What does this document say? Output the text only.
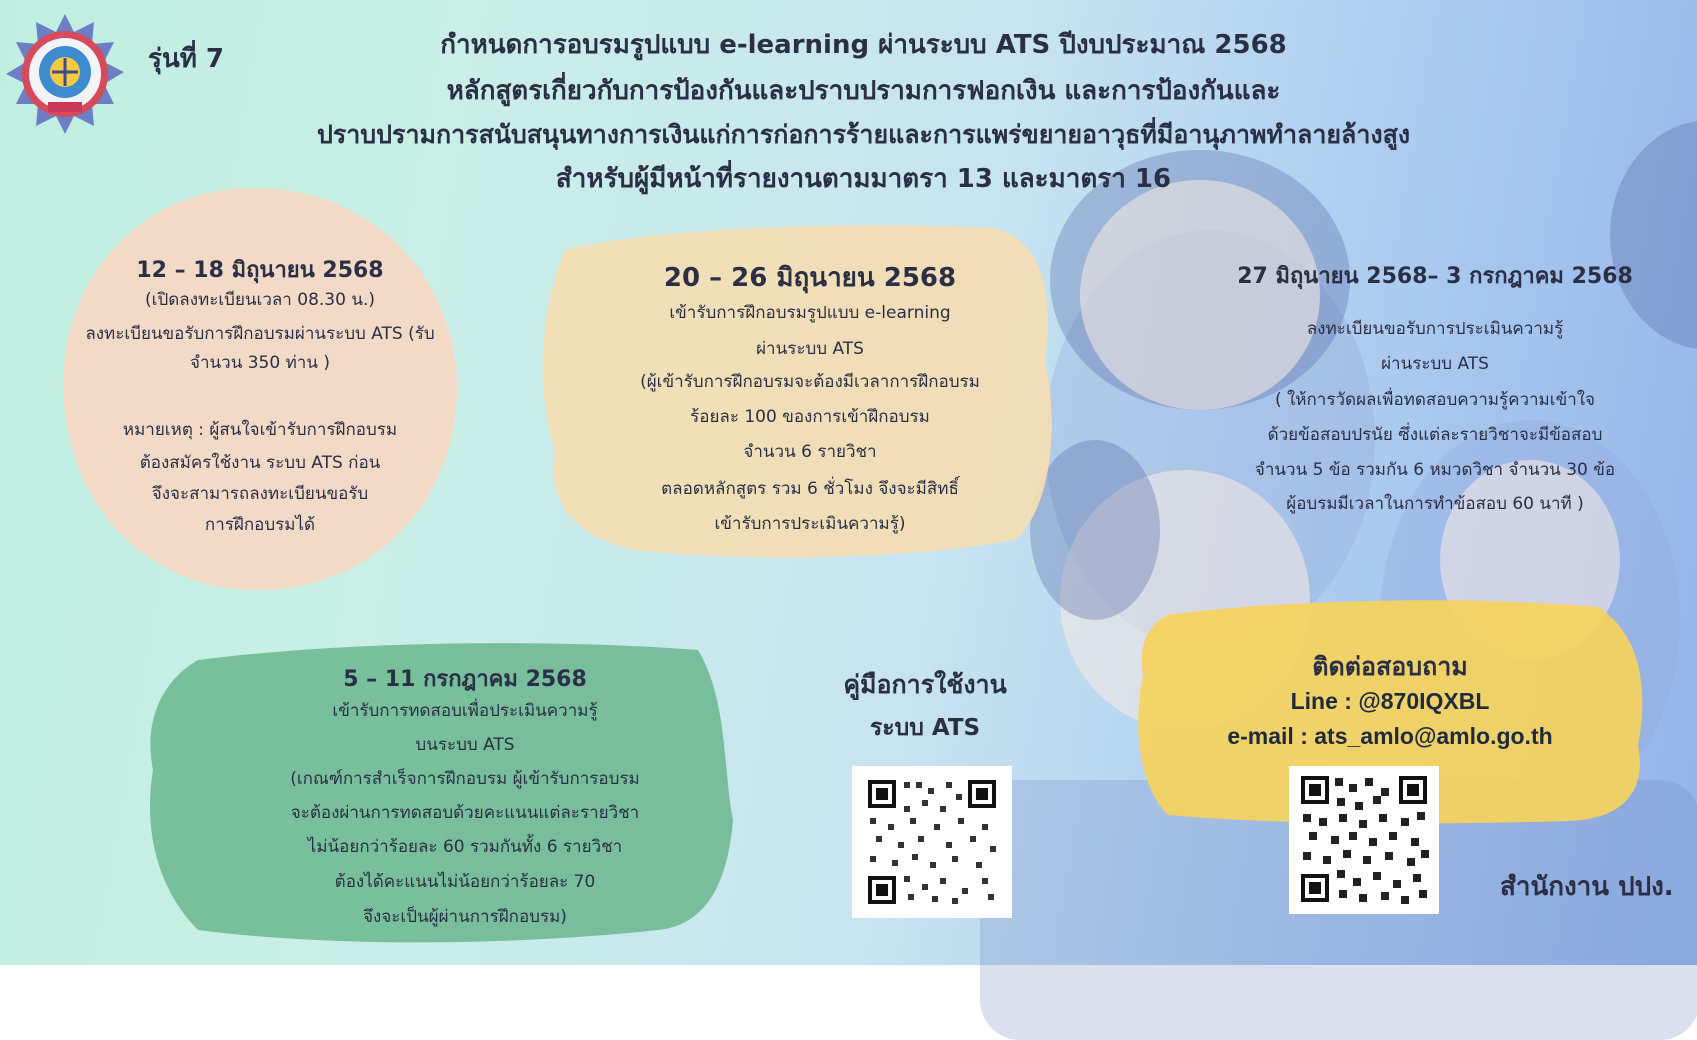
รุ่นที่ 7	กำหนดการอบรมรูปแบบ e-learning ผ่านระบบ ATS ปีงบประมาณ 2568

หลักสูตรเกี่ยวกับการป้องกันและปราบปรามการฟอกเงิน และการป้องกันและ

ปราบปรามการสนับสนุนทางการเงินแก่การก่อการร้ายและการแพร่ขยายอาวุธที่มีอานุภาพทำลายล้างสูง

สำหรับผู้มีหน้าที่รายงานตามมาตรา 13 และมาตรา 16

12 – 18 มิถุนายน 2568

(เปิดลงทะเบียนเวลา 08.30 น.)

ลงทะเบียนขอรับการฝึกอบรมผ่านระบบ ATS (รับ

จำนวน 350 ท่าน )

หมายเหตุ : ผู้สนใจเข้ารับการฝึกอบรม

ต้องสมัครใช้งาน ระบบ ATS ก่อน

จึงจะสามารถลงทะเบียนขอรับ

การฝึกอบรมได้

20 – 26 มิถุนายน 2568

เข้ารับการฝึกอบรมรูปแบบ e-learning

ผ่านระบบ ATS

(ผู้เข้ารับการฝึกอบรมจะต้องมีเวลาการฝึกอบรม

ร้อยละ 100 ของการเข้าฝึกอบรม

จำนวน 6 รายวิชา

ตลอดหลักสูตร รวม 6 ชั่วโมง จึงจะมีสิทธิ์

เข้ารับการประเมินความรู้)

27 มิถุนายน 2568– 3 กรกฎาคม 2568

ลงทะเบียนขอรับการประเมินความรู้

ผ่านระบบ ATS

( ให้การวัดผลเพื่อทดสอบความรู้ความเข้าใจ

ด้วยข้อสอบปรนัย ซึ่งแต่ละรายวิชาจะมีข้อสอบ

จำนวน 5 ข้อ รวมกัน 6 หมวดวิชา จำนวน 30 ข้อ

ผู้อบรมมีเวลาในการทำข้อสอบ 60 นาที )

5 – 11 กรกฎาคม 2568

เข้ารับการทดสอบเพื่อประเมินความรู้

บนระบบ ATS

(เกณฑ์การสำเร็จการฝึกอบรม ผู้เข้ารับการอบรม

จะต้องผ่านการทดสอบด้วยคะแนนแต่ละรายวิชา

ไม่น้อยกว่าร้อยละ 60 รวมกันทั้ง 6 รายวิชา

ต้องได้คะแนนไม่น้อยกว่าร้อยละ 70

จึงจะเป็นผู้ผ่านการฝึกอบรม)

คู่มือการใช้งาน

ระบบ ATS

ติดต่อสอบถาม

Line : @870IQXBL

e-mail : ats_amlo@amlo.go.th

สำนักงาน ปปง.
